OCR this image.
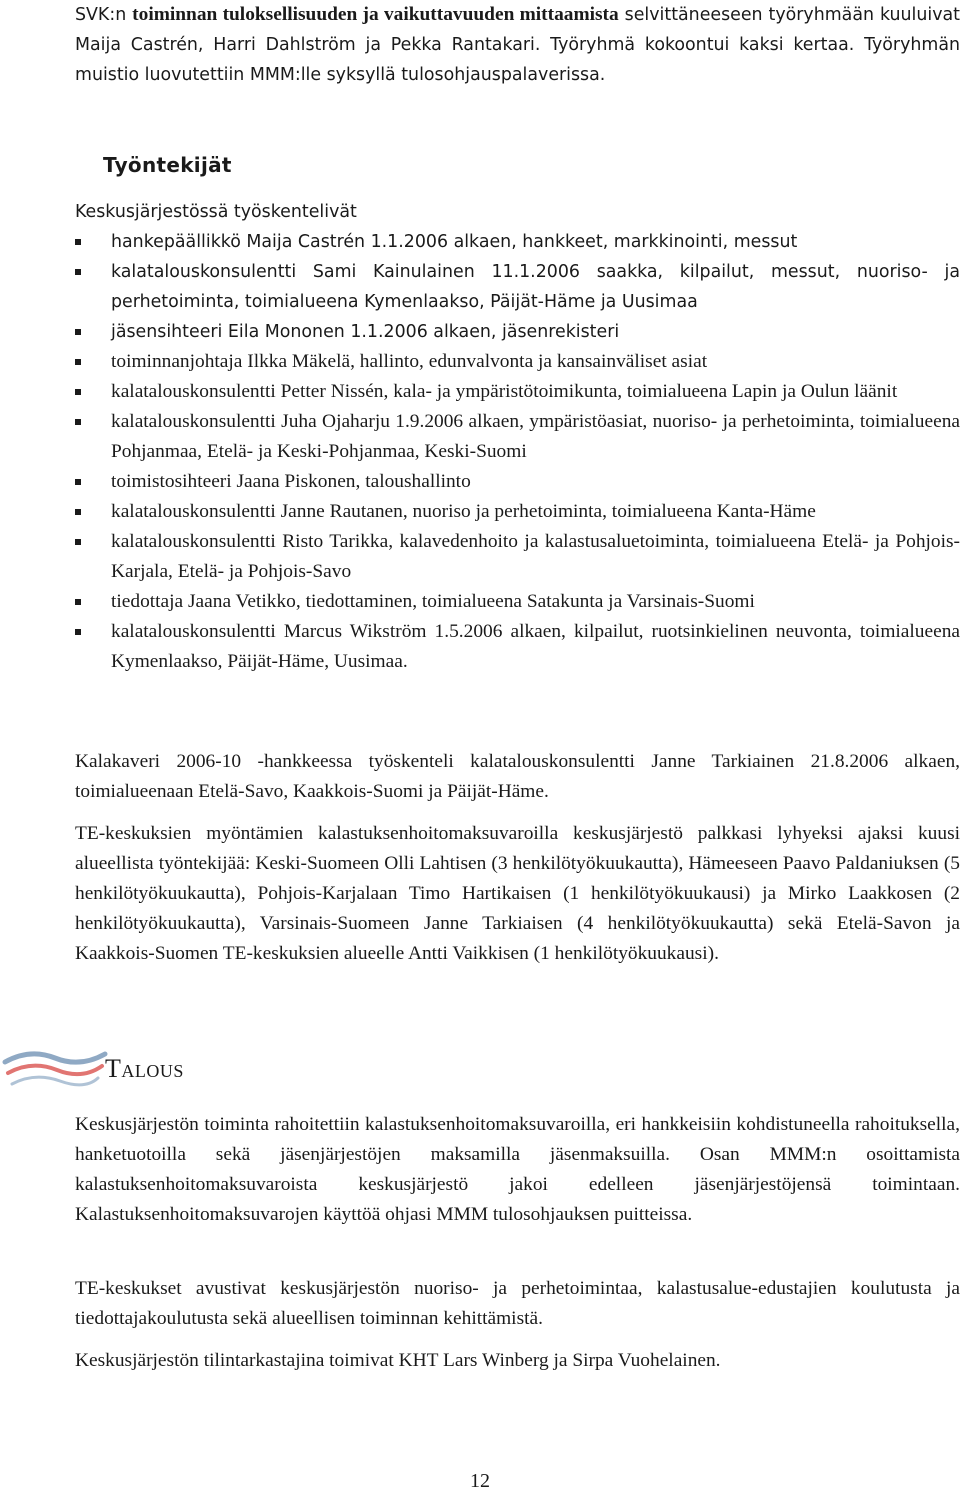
SVK:n toiminnan tuloksellisuuden ja vaikuttavuuden mittaamista selvittäneeseen työryhmään kuuluivat Maija Castrén, Harri Dahlström ja Pekka Rantakari. Työryhmä kokoontui kaksi kertaa. Työryhmän muistio luovutettiin MMM:lle syksyllä tulosohjauspalaverissa.

Työntekijät

Keskusjärjestössä työskentelivät

hankepäällikkö Maija Castrén 1.1.2006 alkaen, hankkeet, markkinointi, messut
kalatalouskonsulentti Sami Kainulainen 11.1.2006 saakka, kilpailut, messut, nuoriso- ja perhetoiminta, toimialueena Kymenlaakso, Päijät-Häme ja Uusimaa
jäsensihteeri Eila Mononen 1.1.2006 alkaen, jäsenrekisteri
toiminnanjohtaja Ilkka Mäkelä, hallinto, edunvalvonta ja kansainväliset asiat
kalatalouskonsulentti Petter Nissén, kala- ja ympäristötoimikunta, toimialueena Lapin ja Oulun läänit
kalatalouskonsulentti Juha Ojaharju 1.9.2006 alkaen, ympäristöasiat, nuoriso- ja perhetoiminta, toimialueena Pohjanmaa, Etelä- ja Keski-Pohjanmaa, Keski-Suomi
toimistosihteeri Jaana Piskonen, taloushallinto
kalatalouskonsulentti Janne Rautanen, nuoriso ja perhetoiminta, toimialueena Kanta-Häme
kalatalouskonsulentti Risto Tarikka, kalavedenhoito ja kalastusaluetoiminta, toimialueena Etelä- ja Pohjois-Karjala, Etelä- ja Pohjois-Savo
tiedottaja Jaana Vetikko, tiedottaminen, toimialueena Satakunta ja Varsinais-Suomi
kalatalouskonsulentti Marcus Wikström 1.5.2006 alkaen, kilpailut, ruotsinkielinen neuvonta, toimialueena Kymenlaakso, Päijät-Häme, Uusimaa.

Kalakaveri 2006-10 -hankkeessa työskenteli kalatalouskonsulentti Janne Tarkiainen 21.8.2006 alkaen, toimialueenaan Etelä-Savo, Kaakkois-Suomi ja Päijät-Häme.

TE-keskuksien myöntämien kalastuksenhoitomaksuvaroilla keskusjärjestö palkkasi lyhyeksi ajaksi kuusi alueellista työntekijää: Keski-Suomeen Olli Lahtisen (3 henkilötyökuukautta), Hämeeseen Paavo Paldaniuksen (5 henkilötyökuukautta), Pohjois-Karjalaan Timo Hartikaisen (1 henkilötyökuukausi) ja Mirko Laakkosen (2 henkilötyökuukautta), Varsinais-Suomeen Janne Tarkiaisen (4 henkilötyökuukautta) sekä Etelä-Savon ja Kaakkois-Suomen TE-keskuksien alueelle Antti Vaikkisen (1 henkilötyökuukausi).

Talous

Keskusjärjestön toiminta rahoitettiin kalastuksenhoitomaksuvaroilla, eri hankkeisiin kohdistuneella rahoituksella, hanketuotoilla sekä jäsenjärjestöjen maksamilla jäsenmaksuilla. Osan MMM:n osoittamista kalastuksenhoitomaksuvaroista keskusjärjestö jakoi edelleen jäsenjärjestöjensä toimintaan. Kalastuksenhoitomaksuvarojen käyttöä ohjasi MMM tulosohjauksen puitteissa.

TE-keskukset avustivat keskusjärjestön nuoriso- ja perhetoimintaa, kalastusalue-edustajien koulutusta ja tiedottajakoulutusta sekä alueellisen toiminnan kehittämistä.

Keskusjärjestön tilintarkastajina toimivat KHT Lars Winberg ja Sirpa Vuohelainen.

12
